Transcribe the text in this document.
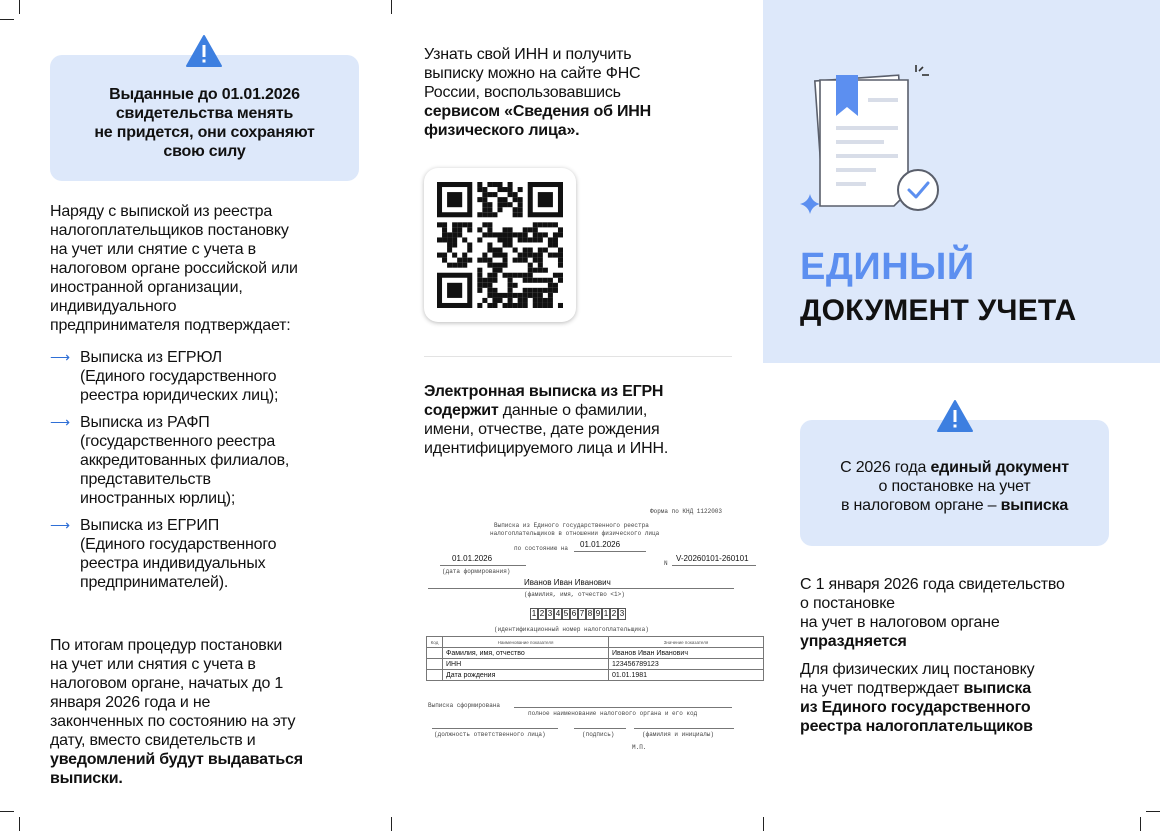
Выданные до 01.01.2026
свидетельства менять
не придется, они сохраняют
свою силу
Наряду с выпиской из реестра
налогоплательщиков постановку
на учет или снятие с учета в
налоговом органе российской или
иностранной организации,
индивидуального
предпринимателя подтверждает:
⟶ Выписка из ЕГРЮЛ
(Единого государственного
реестра юридических лиц);
⟶ Выписка из РАФП
(государственного реестра
аккредитованных филиалов,
представительств
иностранных юрлиц);
⟶ Выписка из ЕГРИП
(Единого государственного
реестра индивидуальных
предпринимателей).
По итогам процедур постановки
на учет или снятия с учета в
налоговом органе, начатых до 1
января 2026 года и не
законченных по состоянию на эту
дату, вместо свидетельств и
уведомлений будут выдаваться
выписки.
Узнать свой ИНН и получить
выписку можно на сайте ФНС
России, воспользовавшись
сервисом «Сведения об ИНН
физического лица».
Электронная выписка из ЕГРН
содержит данные о фамилии,
имени, отчестве, дате рождения
идентифицируемого лица и ИНН.
Форма по КНД 1122003
Выписка из Единого государственного реестра
налогоплательщиков в отношении физического лица
по состоянию на 01.01.2026
01.01.2026
(дата формирования)
N
V-20260101-260101
Иванов Иван Иванович
(фамилия, имя, отчество <1>)
1 2 3 4 5 6 7 8 9 1 2 3
(идентификационный номер налогоплательщика)
Код	Наименование показателя	Значение показателя
	Фамилия, имя, отчество	Иванов Иван Иванович
	ИНН	123456789123
	Дата рождения	01.01.1981
Выписка сформирована
полное наименование налогового органа и его код
(должность ответственного лица)	(подпись)	(фамилия и инициалы)
М.П.
ЕДИНЫЙ
ДОКУМЕНТ УЧЕТА
С 2026 года единый документ
о постановке на учет
в налоговом органе – выписка
С 1 января 2026 года свидетельство
о постановке
на учет в налоговом органе
упраздняется
Для физических лиц постановку
на учет подтверждает выписка
из Единого государственного
реестра налогоплательщиков
